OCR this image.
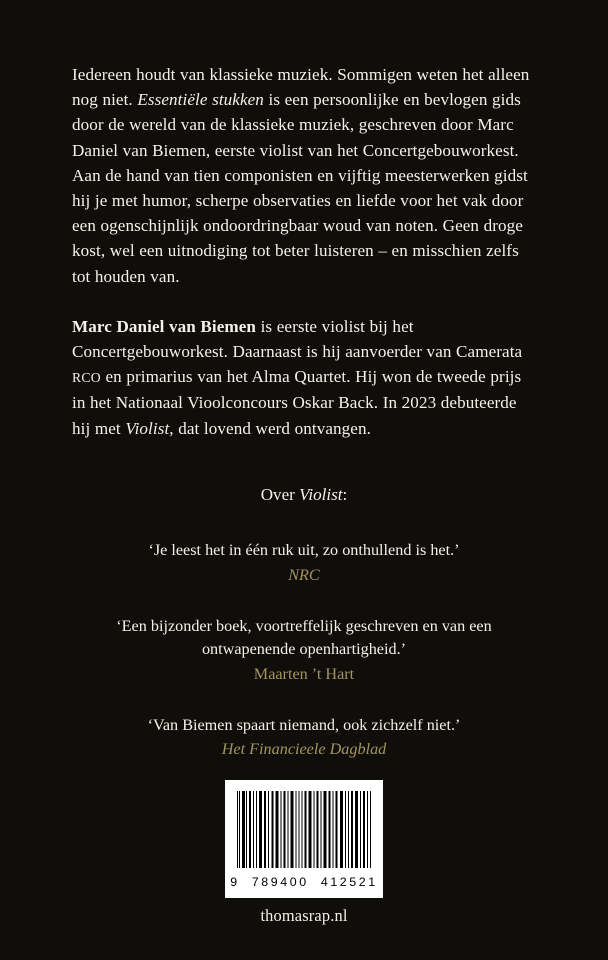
Iedereen houdt van klassieke muziek. Sommigen weten het alleen nog niet. Essentiële stukken is een persoonlijke en bevlogen gids door de wereld van de klassieke muziek, geschreven door Marc Daniel van Biemen, eerste violist van het Concertgebouworkest. Aan de hand van tien componisten en vijftig meesterwerken gidst hij je met humor, scherpe observaties en liefde voor het vak door een ogenschijnlijk ondoordringbaar woud van noten. Geen droge kost, wel een uitnodiging tot beter luisteren – en misschien zelfs tot houden van.

Marc Daniel van Biemen is eerste violist bij het Concertgebouworkest. Daarnaast is hij aanvoerder van Camerata RCO en primarius van het Alma Quartet. Hij won de tweede prijs in het Nationaal Vioolconcours Oskar Back. In 2023 debuteerde hij met Violist, dat lovend werd ontvangen.

Over Violist:

‘Je leest het in één ruk uit, zo onthullend is het.’

NRC

‘Een bijzonder boek, voortreffelijk geschreven en van een ontwapenende openhartigheid.’

Maarten ’t Hart

‘Van Biemen spaart niemand, ook zichzelf niet.’

Het Financieele Dagblad

9  789400  412521
thomasrap.nl
